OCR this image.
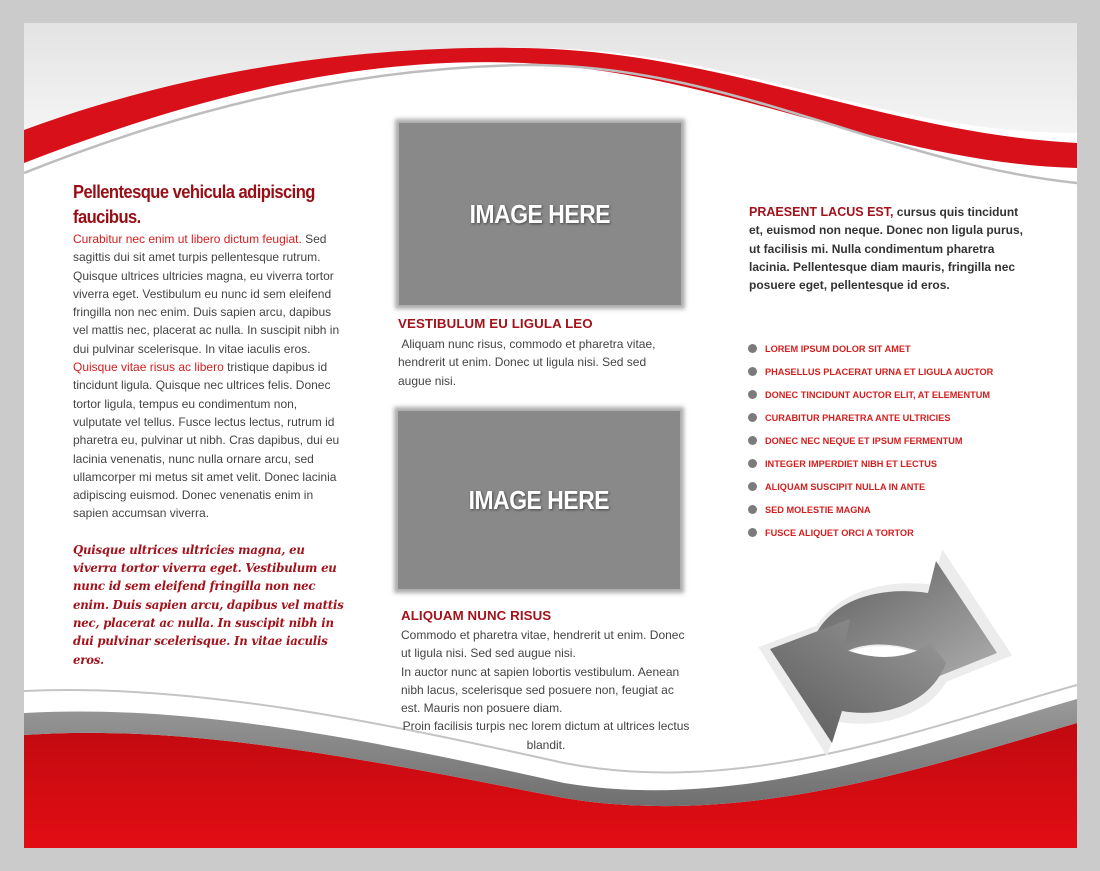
Pellentesque vehicula adipiscing faucibus.

Curabitur nec enim ut libero dictum feugiat. Sed sagittis dui sit amet turpis pellentesque rutrum. Quisque ultrices ultricies magna, eu viverra tortor viverra eget. Vestibulum eu nunc id sem eleifend fringilla non nec enim. Duis sapien arcu, dapibus vel mattis nec, placerat ac nulla. In suscipit nibh in dui pulvinar scelerisque. In vitae iaculis eros.
Quisque vitae risus ac libero tristique dapibus id tincidunt ligula. Quisque nec ultrices felis. Donec tortor ligula, tempus eu condimentum non, vulputate vel tellus. Fusce lectus lectus, rutrum id pharetra eu, pulvinar ut nibh. Cras dapibus, dui eu lacinia venenatis, nunc nulla ornare arcu, sed ullamcorper mi metus sit amet velit. Donec lacinia adipiscing euismod. Donec venenatis enim in sapien accumsan viverra.

Quisque ultrices ultricies magna, eu viverra tortor viverra eget. Vestibulum eu nunc id sem eleifend fringilla non nec enim. Duis sapien arcu, dapibus vel mattis nec, placerat ac nulla. In suscipit nibh in dui pulvinar scelerisque. In vitae iaculis eros.

IMAGE HERE
VESTIBULUM EU LIGULA LEO

Aliquam nunc risus, commodo et pharetra vitae, hendrerit ut enim. Donec ut ligula nisi. Sed sed augue nisi.

IMAGE HERE
ALIQUAM NUNC RISUS

Commodo et pharetra vitae, hendrerit ut enim. Donec ut ligula nisi. Sed sed augue nisi.
In auctor nunc at sapien lobortis vestibulum. Aenean nibh lacus, scelerisque sed posuere non, feugiat ac est. Mauris non posuere diam.
Proin facilisis turpis nec lorem dictum at ultrices lectus blandit.

PRAESENT LACUS EST, cursus quis tincidunt et, euismod non neque. Donec non ligula purus, ut facilisis mi. Nulla condimentum pharetra lacinia. Pellentesque diam mauris, fringilla nec posuere eget, pellentesque id eros.

LOREM IPSUM DOLOR SIT AMET
PHASELLUS PLACERAT URNA ET LIGULA AUCTOR
DONEC TINCIDUNT AUCTOR ELIT, AT ELEMENTUM
CURABITUR PHARETRA ANTE ULTRICIES
DONEC NEC NEQUE ET IPSUM FERMENTUM
INTEGER IMPERDIET NIBH ET LECTUS
ALIQUAM SUSCIPIT NULLA IN ANTE
SED MOLESTIE MAGNA
FUSCE ALIQUET ORCI A TORTOR
